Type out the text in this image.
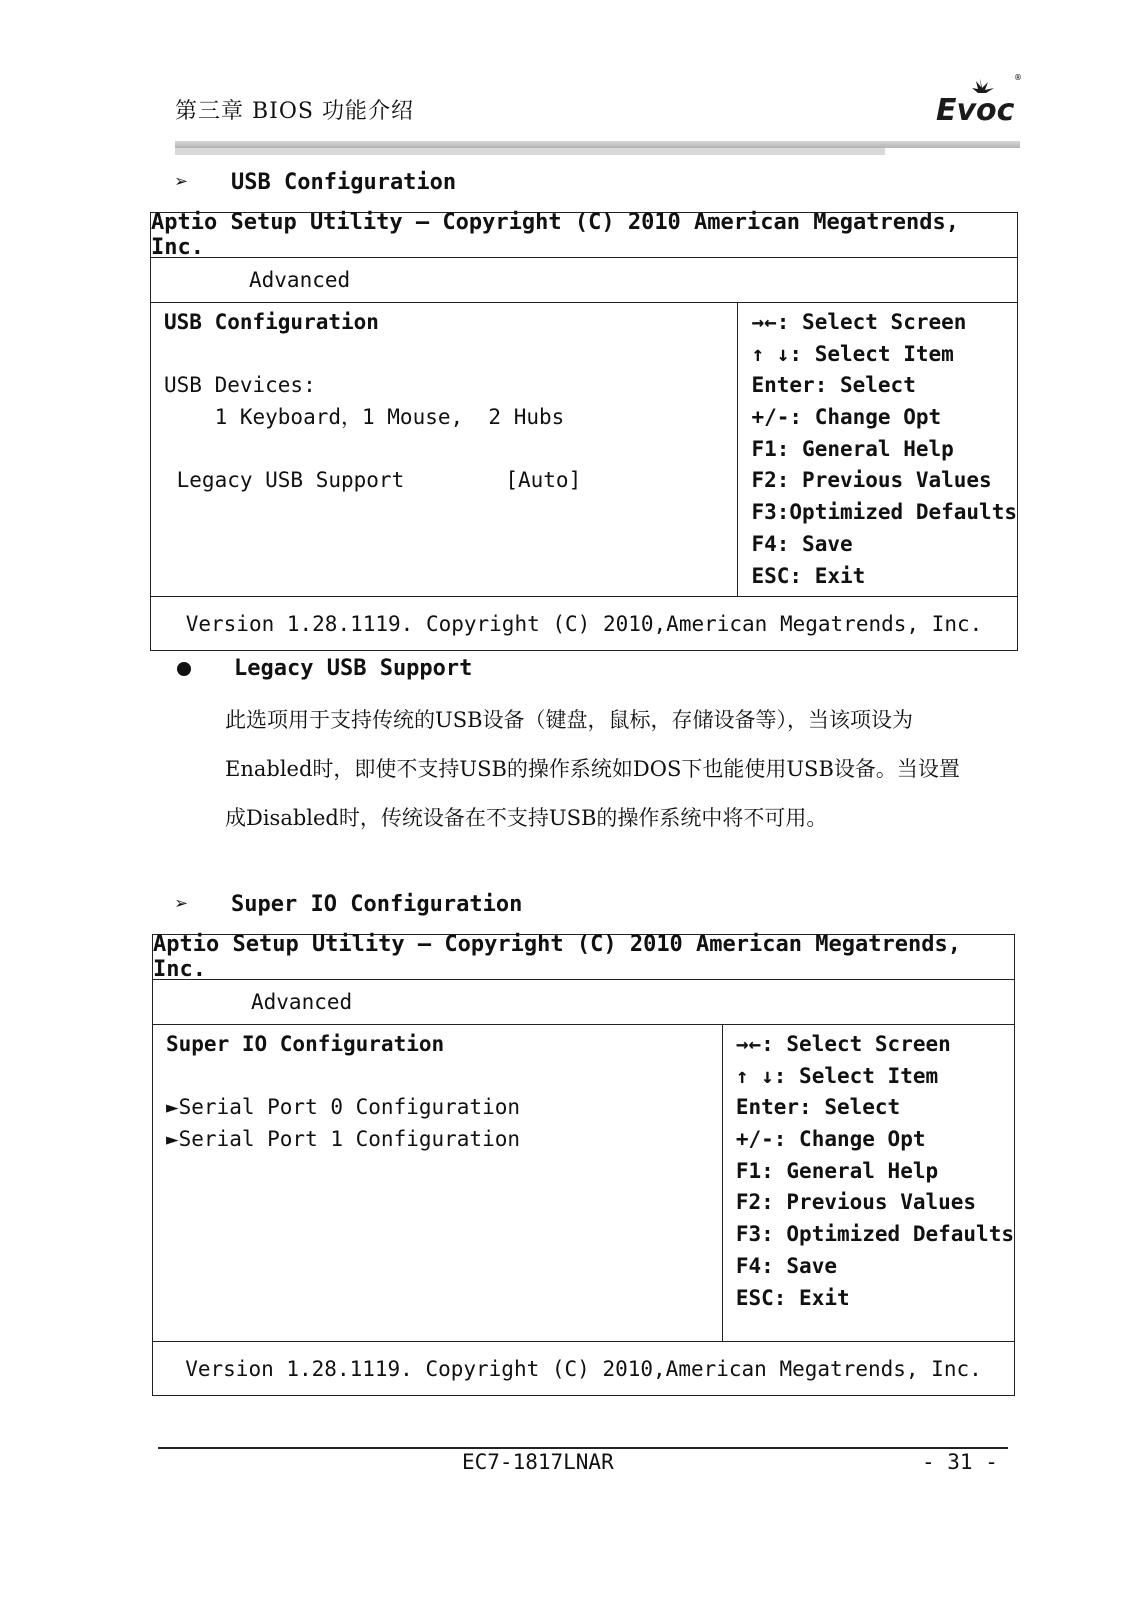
第三章 BIOS 功能介绍	Evoc
®
➢	USB Configuration
Aptio Setup Utility – Copyright (C) 2010 American Megatrends, Inc.
Advanced
USB Configuration
USB Devices:
1 Keyboard，1 Mouse,  2 Hubs
Legacy USB Support        [Auto]
→←: Select Screen
↑ ↓: Select Item
Enter: Select
+/-: Change Opt
F1: General Help
F2: Previous Values
F3:Optimized Defaults
F4: Save
ESC: Exit
Version 1.28.1119. Copyright (C) 2010,American Megatrends, Inc.
Legacy USB Support
此选项用于支持传统的USB设备（键盘，鼠标，存储设备等），当该项设为
Enabled时，即使不支持USB的操作系统如DOS下也能使用USB设备。当设置
成Disabled时，传统设备在不支持USB的操作系统中将不可用。
➢	Super IO Configuration
Aptio Setup Utility – Copyright (C) 2010 American Megatrends, Inc.
Advanced
Super IO Configuration
►Serial Port 0 Configuration
►Serial Port 1 Configuration
→←: Select Screen
↑ ↓: Select Item
Enter: Select
+/-: Change Opt
F1: General Help
F2: Previous Values
F3: Optimized Defaults
F4: Save
ESC: Exit
Version 1.28.1119. Copyright (C) 2010,American Megatrends, Inc.
EC7-1817LNAR	- 31 -
